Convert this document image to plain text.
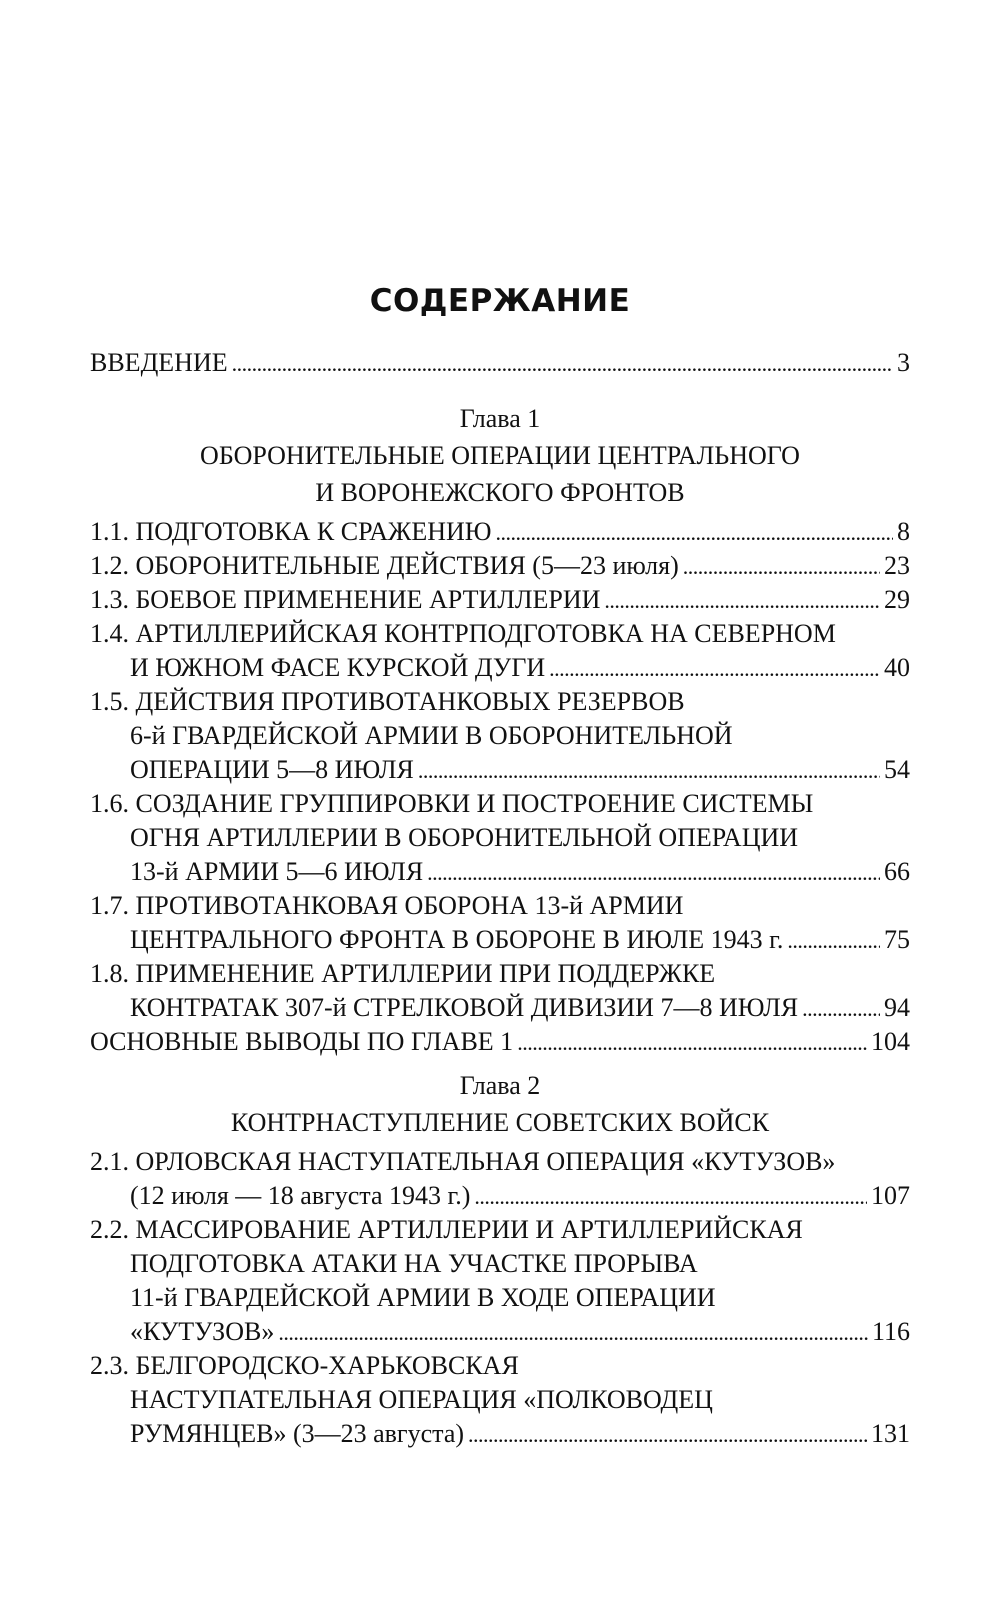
СОДЕРЖАНИЕ
ВВЕДЕНИЕ . . .	3
Глава 1
ОБОРОНИТЕЛЬНЫЕ ОПЕРАЦИИ ЦЕНТРАЛЬНОГО
И ВОРОНЕЖСКОГО ФРОНТОВ
1.1. ПОДГОТОВКА К СРАЖЕНИЮ . . .	8
1.2. ОБОРОНИТЕЛЬНЫЕ ДЕЙСТВИЯ (5—23 июля) . . .	23
1.3. БОЕВОЕ ПРИМЕНЕНИЕ АРТИЛЛЕРИИ . . .	29
1.4. АРТИЛЛЕРИЙСКАЯ КОНТРПОДГОТОВКА НА СЕВЕРНОМ
И ЮЖНОМ ФАСЕ КУРСКОЙ ДУГИ . . .	40
1.5. ДЕЙСТВИЯ ПРОТИВОТАНКОВЫХ РЕЗЕРВОВ
6-й ГВАРДЕЙСКОЙ АРМИИ В ОБОРОНИТЕЛЬНОЙ
ОПЕРАЦИИ 5—8 ИЮЛЯ . . .	54
1.6. СОЗДАНИЕ ГРУППИРОВКИ И ПОСТРОЕНИЕ СИСТЕМЫ
ОГНЯ АРТИЛЛЕРИИ В ОБОРОНИТЕЛЬНОЙ ОПЕРАЦИИ
13-й АРМИИ 5—6 ИЮЛЯ . . .	66
1.7. ПРОТИВОТАНКОВАЯ ОБОРОНА 13-й АРМИИ
ЦЕНТРАЛЬНОГО ФРОНТА В ОБОРОНЕ В ИЮЛЕ 1943 г. . . .	75
1.8. ПРИМЕНЕНИЕ АРТИЛЛЕРИИ ПРИ ПОДДЕРЖКЕ
КОНТРАТАК 307-й СТРЕЛКОВОЙ ДИВИЗИИ 7—8 ИЮЛЯ . . .	94
ОСНОВНЫЕ ВЫВОДЫ ПО ГЛАВЕ 1 . . .	104
Глава 2
КОНТРНАСТУПЛЕНИЕ СОВЕТСКИХ ВОЙСК
2.1. ОРЛОВСКАЯ НАСТУПАТЕЛЬНАЯ ОПЕРАЦИЯ «КУТУЗОВ»
(12 июля — 18 августа 1943 г.) . . .	107
2.2. МАССИРОВАНИЕ АРТИЛЛЕРИИ И АРТИЛЛЕРИЙСКАЯ
ПОДГОТОВКА АТАКИ НА УЧАСТКЕ ПРОРЫВА
11-й ГВАРДЕЙСКОЙ АРМИИ В ХОДЕ ОПЕРАЦИИ
«КУТУЗОВ» . . .	116
2.3. БЕЛГОРОДСКО-ХАРЬКОВСКАЯ
НАСТУПАТЕЛЬНАЯ ОПЕРАЦИЯ «ПОЛКОВОДЕЦ
РУМЯНЦЕВ» (3—23 августа) . . .	131
